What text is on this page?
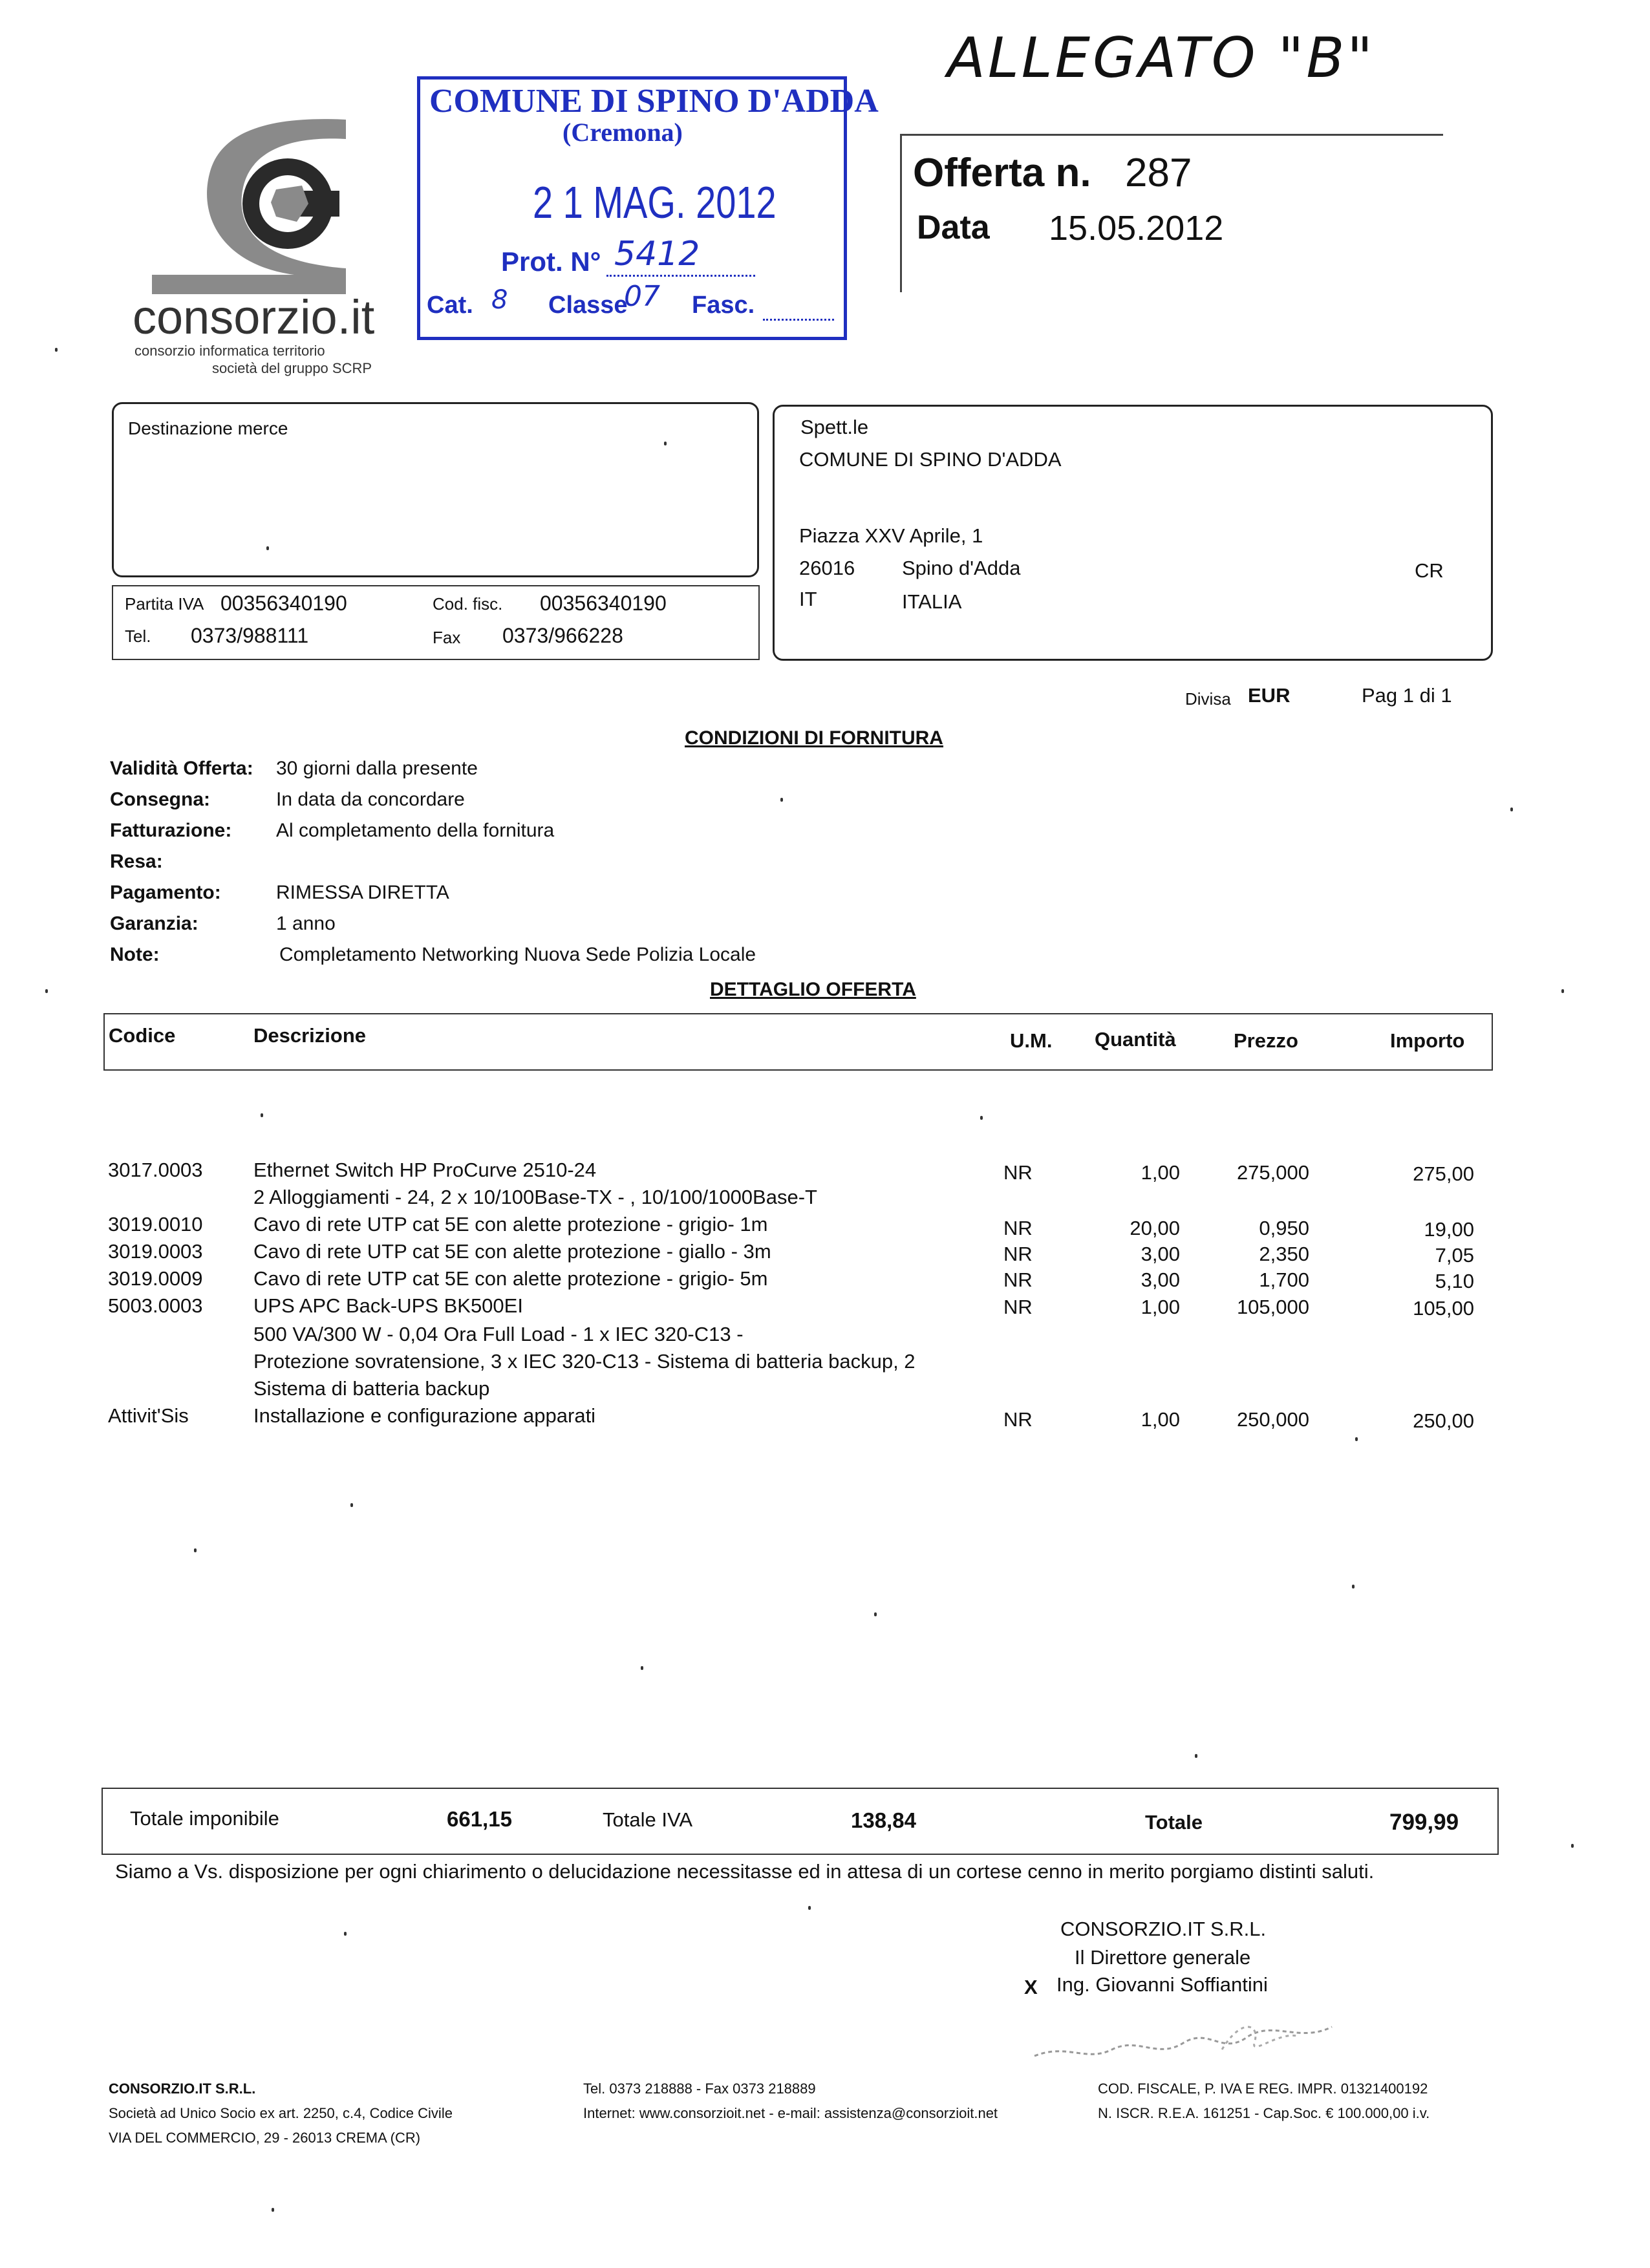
ALLEGATO "B"
consorzio.it
consorzio informatica territorio
società del gruppo SCRP
COMUNE DI SPINO D'ADDA
(Cremona)
2 1 MAG. 2012
Prot. N° 5412
Cat. 8 Classe
07 Fasc.
Offerta n. 287
Data 15.05.2012
Destinazione merce
Partita IVA 00356340190	Cod. fisc. 00356340190
Tel. 0373/988111	Fax 0373/966228
Spett.le
COMUNE DI SPINO D'ADDA
Piazza XXV Aprile, 1
26016 Spino d'Adda	CR
IT	ITALIA
Divisa EUR	Pag 1 di 1
CONDIZIONI DI FORNITURA
Validità Offerta: 30 giorni dalla presente
Consegna:	In data da concordare
Fatturazione: Al completamento della fornitura
Resa:
Pagamento:	RIMESSA DIRETTA
Garanzia:	1 anno
Note:	Completamento Networking Nuova Sede Polizia Locale
DETTAGLIO OFFERTA
Codice	Descrizione	U.M. Quantità	Prezzo	Importo
3017.0003	Ethernet Switch HP ProCurve 2510-24	NR	1,00	275,000	275,00
2 Alloggiamenti - 24, 2 x 10/100Base-TX - , 10/100/1000Base-T
3019.0010	Cavo di rete UTP cat 5E con alette protezione - grigio- 1m	NR	20,00	0,950	19,00
3019.0003	Cavo di rete UTP cat 5E con alette protezione - giallo - 3m	NR	3,00	2,350	7,05
3019.0009	Cavo di rete UTP cat 5E con alette protezione - grigio- 5m	NR	3,00	1,700	5,10
5003.0003	UPS APC Back-UPS BK500EI	NR	1,00	105,000	105,00
500 VA/300 W - 0,04 Ora Full Load - 1 x IEC 320-C13 -
Protezione sovratensione, 3 x IEC 320-C13 - Sistema di batteria backup, 2
Sistema di batteria backup
Attivit'Sis	Installazione e configurazione apparati	NR	1,00	250,000	250,00
Totale imponibile	661,15	Totale IVA	138,84	Totale	799,99
Siamo a Vs. disposizione per ogni chiarimento o delucidazione necessitasse ed in attesa di un cortese cenno in merito porgiamo distinti saluti.
CONSORZIO.IT S.R.L.
Il Direttore generale
X Ing. Giovanni Soffiantini
CONSORZIO.IT S.R.L.
Società ad Unico Socio ex art. 2250, c.4, Codice Civile
VIA DEL COMMERCIO, 29 - 26013 CREMA (CR)
Tel. 0373 218888 - Fax 0373 218889
Internet: www.consorzioit.net - e-mail: assistenza@consorzioit.net
COD. FISCALE, P. IVA E REG. IMPR. 01321400192
N. ISCR. R.E.A. 161251 - Cap.Soc. € 100.000,00 i.v.
